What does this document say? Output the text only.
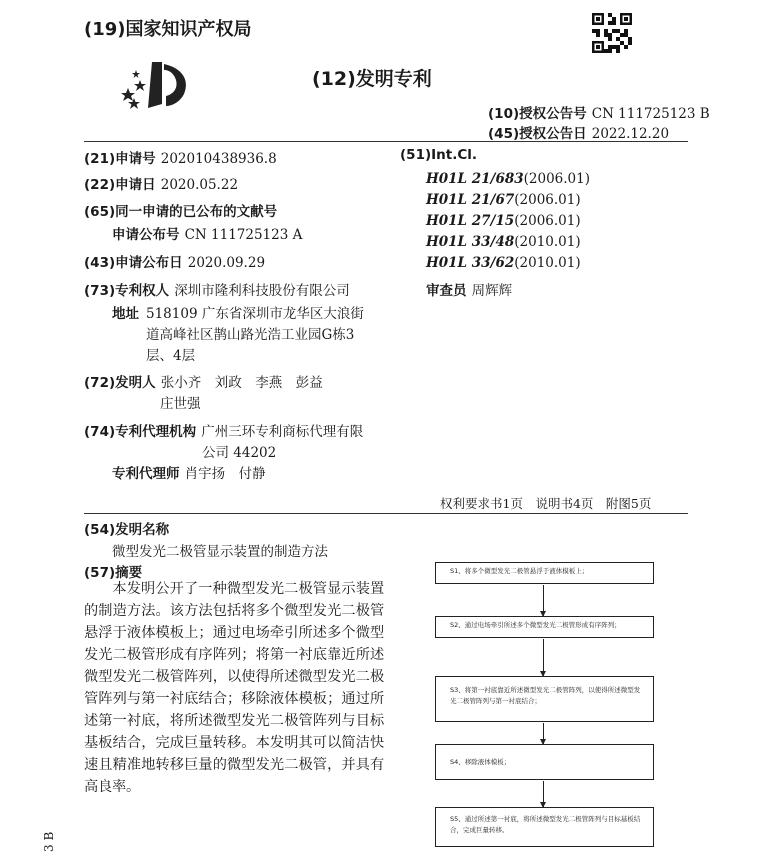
(19)国家知识产权局
(12)发明专利
(10)授权公告号 CN 111725123 B
(45)授权公告日 2022.12.20
(21)申请号 202010438936.8
(22)申请日 2020.05.22
(65)同一申请的已公布的文献号
申请公布号 CN 111725123 A
(43)申请公布日 2020.09.29
(73)专利权人 深圳市隆利科技股份有限公司
地址 518109 广东省深圳市龙华区大浪街
道高峰社区鹊山路光浩工业园G栋3
层、4层
(72)发明人 张小齐　刘政　李燕　彭益
庄世强
(74)专利代理机构 广州三环专利商标代理有限
公司 44202
专利代理师 肖宇扬　付静
(51)Int.Cl.
H01L 21/683(2006.01)
H01L 21/67(2006.01)
H01L 27/15(2006.01)
H01L 33/48(2010.01)
H01L 33/62(2010.01)
审查员 周辉辉
权利要求书1页　说明书4页　附图5页
(54)发明名称
微型发光二极管显示装置的制造方法
(57)摘要

本发明公开了一种微型发光二极管显示装置的制造方法。该方法包括将多个微型发光二极管悬浮于液体模板上；通过电场牵引所述多个微型发光二极管形成有序阵列；将第一衬底靠近所述微型发光二极管阵列，以使得所述微型发光二极管阵列与第一衬底结合；移除液体模板；通过所述第一衬底，将所述微型发光二极管阵列与目标基板结合，完成巨量转移。本发明其可以简洁快速且精准地转移巨量的微型发光二极管，并具有高良率。

S1、将多个微型发光二极管悬浮于液体模板上；
S2、通过电场牵引所述多个微型发光二极管形成有序阵列；
S3、将第一衬底靠近所述微型发光二极管阵列，以使得所述微型发光二极管阵列与第一衬底结合；
S4、移除液体模板；
S5、通过所述第一衬底，将所述微型发光二极管阵列与目标基板结合，完成巨量转移。
3 B
